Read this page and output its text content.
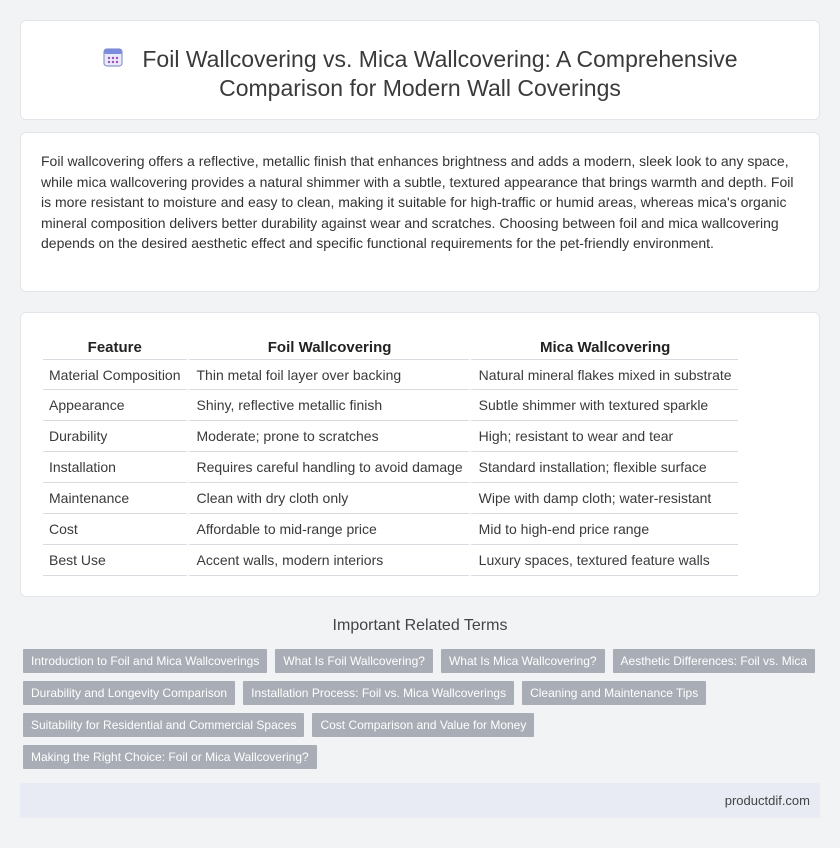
Foil Wallcovering vs. Mica Wallcovering: A Comprehensive
Comparison for Modern Wall Coverings

Foil wallcovering offers a reflective, metallic finish that enhances brightness and adds a modern, sleek look to any space, while mica wallcovering provides a natural shimmer with a subtle, textured appearance that brings warmth and depth. Foil is more resistant to moisture and easy to clean, making it suitable for high-traffic or humid areas, whereas mica's organic mineral composition delivers better durability against wear and scratches. Choosing between foil and mica wallcovering depends on the desired aesthetic effect and specific functional requirements for the pet-friendly environment.

Feature	Foil Wallcovering	Mica Wallcovering
Material Composition	Thin metal foil layer over backing	Natural mineral flakes mixed in substrate
Appearance	Shiny, reflective metallic finish	Subtle shimmer with textured sparkle
Durability	Moderate; prone to scratches	High; resistant to wear and tear
Installation	Requires careful handling to avoid damage	Standard installation; flexible surface
Maintenance	Clean with dry cloth only	Wipe with damp cloth; water-resistant
Cost	Affordable to mid-range price	Mid to high-end price range
Best Use	Accent walls, modern interiors	Luxury spaces, textured feature walls
Important Related Terms
Introduction to Foil and Mica Wallcoverings	What Is Foil Wallcovering?	What Is Mica Wallcovering?	Aesthetic Differences: Foil vs. Mica
Durability and Longevity Comparison	Installation Process: Foil vs. Mica Wallcoverings	Cleaning and Maintenance Tips
Suitability for Residential and Commercial Spaces	Cost Comparison and Value for Money
Making the Right Choice: Foil or Mica Wallcovering?
productdif.com
